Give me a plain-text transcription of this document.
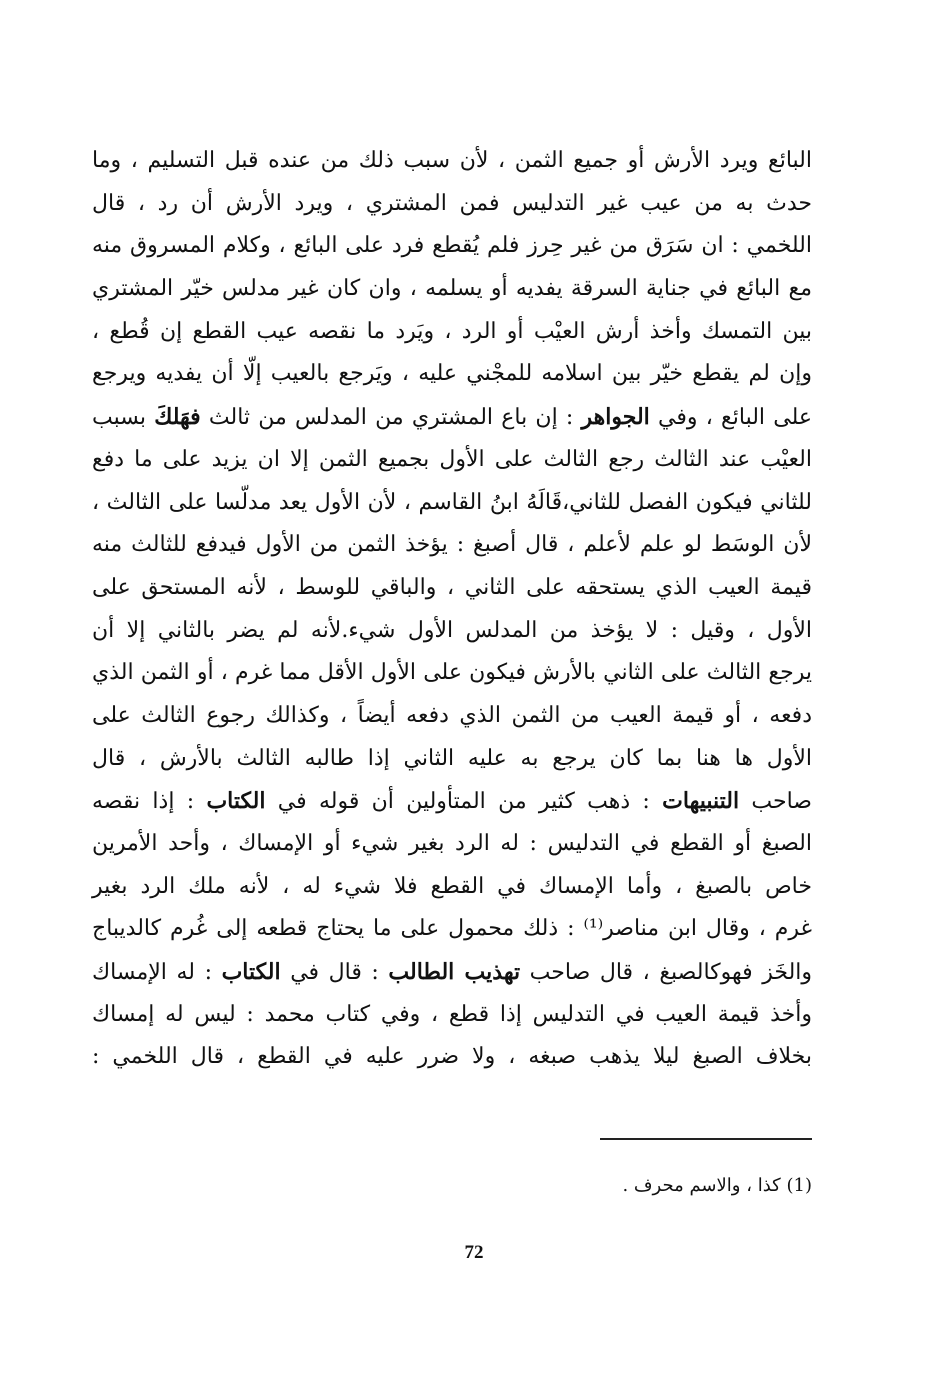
البائع ويرد الأرش أو جميع الثمن ، لأن سبب ذلك من عنده قبل التسليم ، وما
حدث به من عيب غير التدليس فمن المشتري ، ويرد الأرش أن رد ، قال
اللخمي : ان سَرَق من غير حِرز فلم يُقطع فرد على البائع ، وكلام المسروق منه
مع البائع في جناية السرقة يفديه أو يسلمه ، وان كان غير مدلس خيّر المشتري
بين التمسك وأخذ أرش العيْب أو الرد ، ويَرد ما نقصه عيب القطع إن قُطع ،
وإن لم يقطع خيّر بين اسلامه للمجْني عليه ، ويَرجع بالعيب إلّا أن يفديه ويرجع
على البائع ، وفي الجواهر : إن باع المشتري من المدلس من ثالث فهَلكَ بسبب
العيْب عند الثالث رجع الثالث على الأول بجميع الثمن إلا ان يزيد على ما دفع
للثاني فيكون الفصل للثاني،قَالَهُ ابنُ القاسم ، لأن الأول يعد مدلّسا على الثالث ،
لأن الوسَط لو علم لأعلم ، قال أصبغ : يؤخذ الثمن من الأول فيدفع للثالث منه
قيمة العيب الذي يستحقه على الثاني ، والباقي للوسط ، لأنه المستحق على
الأول ، وقيل : لا يؤخذ من المدلس الأول شيء.لأنه لم يضر بالثاني إلا أن
يرجع الثالث على الثاني بالأرش فيكون على الأول الأقل مما غرم ، أو الثمن الذي
دفعه ، أو قيمة العيب من الثمن الذي دفعه أيضاً ، وكذالك رجوع الثالث على
الأول ها هنا بما كان يرجع به عليه الثاني إذا طالبه الثالث بالأرش ، قال
صاحب التنبيهات : ذهب كثير من المتأولين أن قوله في الكتاب : إذا نقصه
الصبغ أو القطع في التدليس : له الرد بغير شيء أو الإمساك ، وأحد الأمرين
خاص بالصبغ ، وأما الإمساك في القطع فلا شيء له ، لأنه ملك الرد بغير
غرم ، وقال ابن مناصر⁽¹⁾ : ذلك محمول على ما يحتاج قطعه إلى غُرم كالديباج
والخَز فهوكالصبغ ، قال صاحب تهذيب الطالب : قال في الكتاب : له الإمساك
وأخذ قيمة العيب في التدليس إذا قطع ، وفي كتاب محمد : ليس له إمساك
بخلاف الصبغ ليلا يذهب صبغه ، ولا ضرر عليه في القطع ، قال اللخمي :
(1) كذا ، والاسم محرف .
72
